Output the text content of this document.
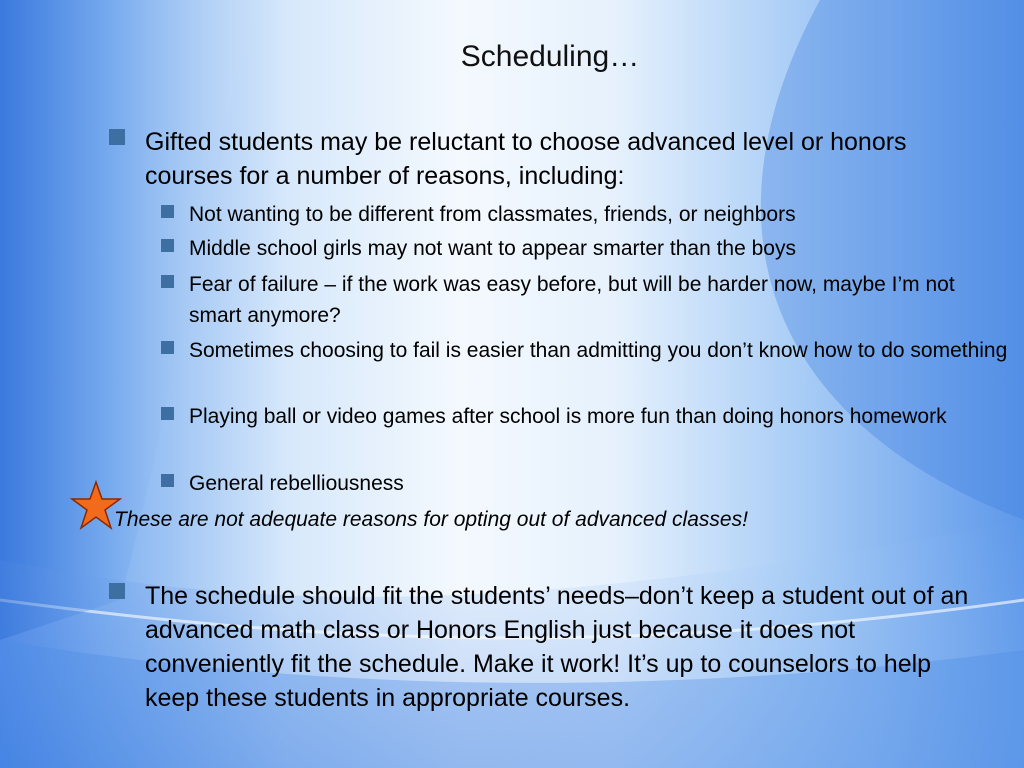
Scheduling…
Gifted students may be reluctant to choose advanced level or honors courses for a number of reasons, including:
Not wanting to be different from classmates, friends, or neighbors
Middle school girls may not want to appear smarter than the boys
Fear of failure – if the work was easy before, but will be harder now, maybe I’m not smart anymore?
Sometimes choosing to fail is easier than admitting you don’t know how to do something
Playing ball or video games after school is more fun than doing honors homework
General rebelliousness
These are not adequate reasons for opting out of advanced classes!
The schedule should fit the students’ needs–don’t keep a student out of an advanced math class or Honors English just because it does not conveniently fit the schedule. Make it work! It’s up to counselors to help keep these students in appropriate courses.
